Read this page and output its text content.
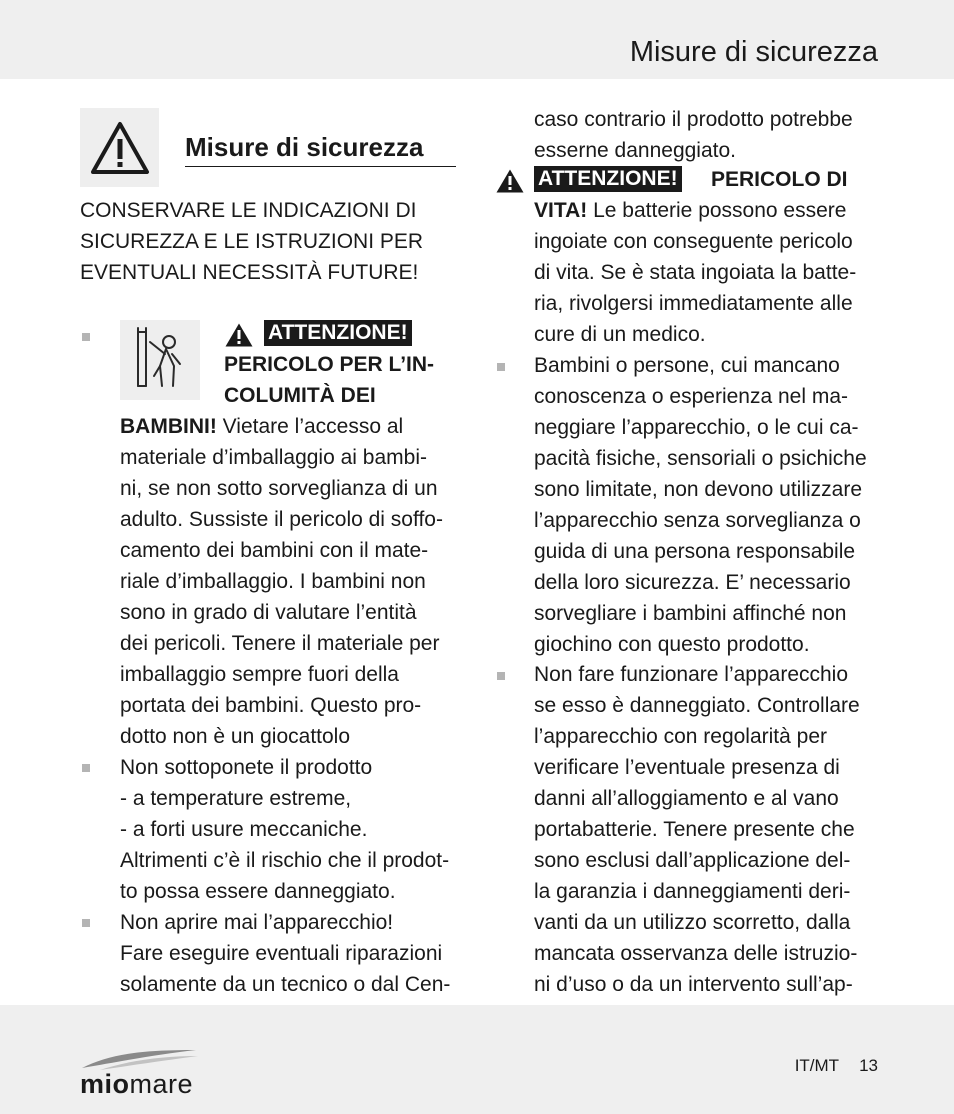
Misure di sicurezza
Misure di sicurezza
CONSERVARE LE INDICAZIONI DI
SICUREZZA E LE ISTRUZIONI PER
EVENTUALI NECESSITÀ FUTURE!
ATTENZIONE!
PERICOLO PER L’IN-
COLUMITÀ DEI
BAMBINI! Vietare l’accesso al
materiale d’imballaggio ai bambi-
ni, se non sotto sorveglianza di un
adulto. Sussiste il pericolo di soffo-
camento dei bambini con il mate-
riale d’imballaggio. I bambini non
sono in grado di valutare l’entità
dei pericoli. Tenere il materiale per
imballaggio sempre fuori della
portata dei bambini. Questo pro-
dotto non è un giocattolo
Non sottoponete il prodotto
- a temperature estreme,
- a forti usure meccaniche.
Altrimenti c’è il rischio che il prodot-
to possa essere danneggiato.
Non aprire mai l’apparecchio!
Fare eseguire eventuali riparazioni
solamente da un tecnico o dal Cen-
caso contrario il prodotto potrebbe
esserne danneggiato.
ATTENZIONE! PERICOLO DI
VITA! Le batterie possono essere
ingoiate con conseguente pericolo
di vita. Se è stata ingoiata la batte-
ria, rivolgersi immediatamente alle
cure di un medico.
Bambini o persone, cui mancano
conoscenza o esperienza nel ma-
neggiare l’apparecchio, o le cui ca-
pacità fisiche, sensoriali o psichiche
sono limitate, non devono utilizzare
l’apparecchio senza sorveglianza o
guida di una persona responsabile
della loro sicurezza. E’ necessario
sorvegliare i bambini affinché non
giochino con questo prodotto.
Non fare funzionare l’apparecchio
se esso è danneggiato. Controllare
l’apparecchio con regolarità per
verificare l’eventuale presenza di
danni all’alloggiamento e al vano
portabatterie. Tenere presente che
sono esclusi dall’applicazione del-
la garanzia i danneggiamenti deri-
vanti da un utilizzo scorretto, dalla
mancata osservanza delle istruzio-
ni d’uso o da un intervento sull’ap-
miomare
IT/MT 13
